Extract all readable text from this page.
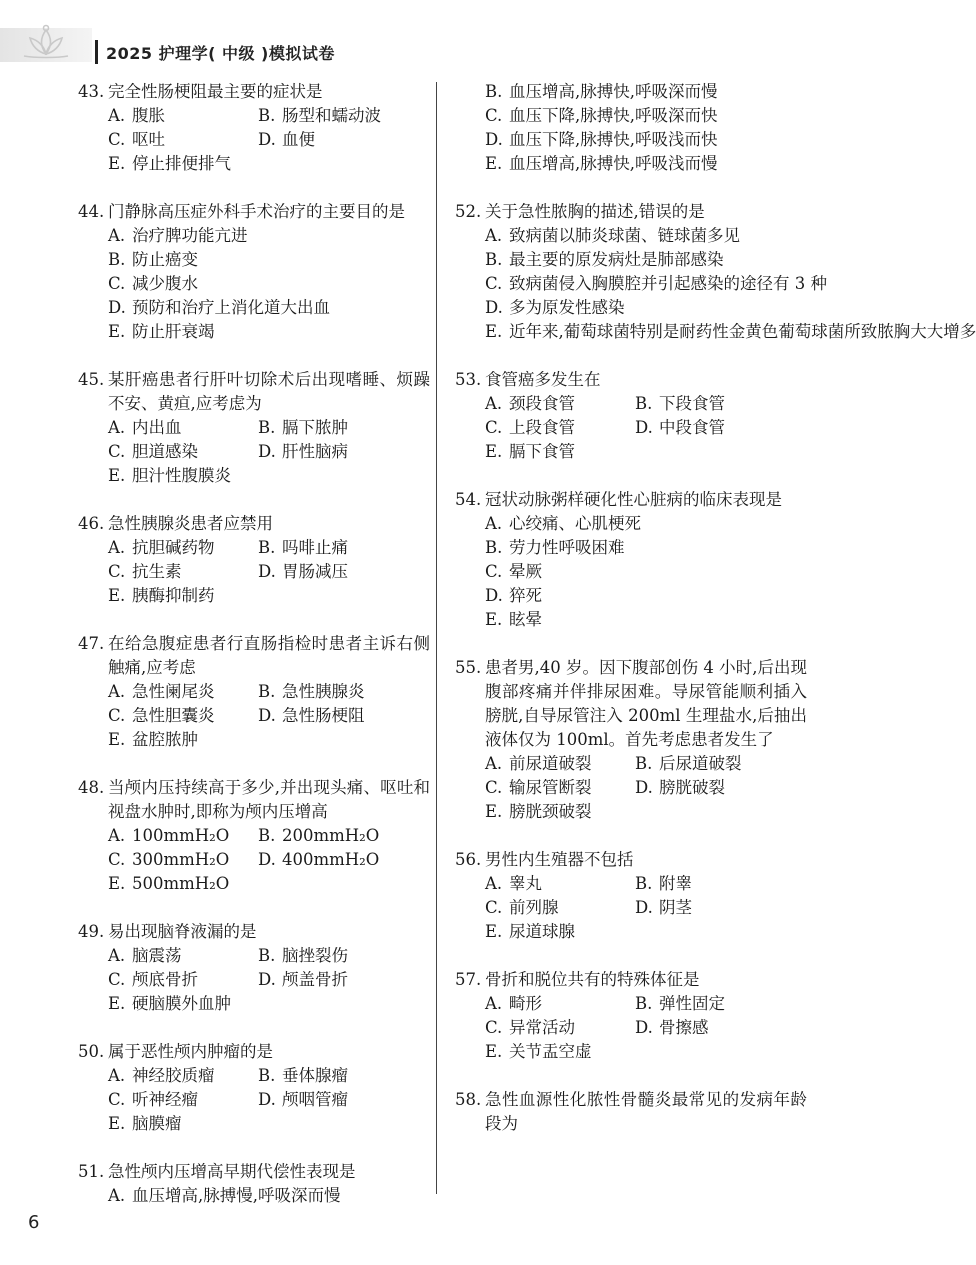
2025 护理学( 中级 )模拟试卷
43. 完全性肠梗阻最主要的症状是
A. 腹胀	B. 肠型和蠕动波
C. 呕吐	D. 血便
E. 停止排便排气
44. 门静脉高压症外科手术治疗的主要目的是
A. 治疗脾功能亢进
B. 防止癌变
C. 减少腹水
D. 预防和治疗上消化道大出血
E. 防止肝衰竭
45. 某肝癌患者行肝叶切除术后出现嗜睡、烦躁不安、黄疸,应考虑为
A. 内出血	B. 膈下脓肿
C. 胆道感染	D. 肝性脑病
E. 胆汁性腹膜炎
46. 急性胰腺炎患者应禁用
A. 抗胆碱药物	B. 吗啡止痛
C. 抗生素	D. 胃肠减压
E. 胰酶抑制药
47. 在给急腹症患者行直肠指检时患者主诉右侧触痛,应考虑
A. 急性阑尾炎	B. 急性胰腺炎
C. 急性胆囊炎	D. 急性肠梗阻
E. 盆腔脓肿
48. 当颅内压持续高于多少,并出现头痛、呕吐和视盘水肿时,即称为颅内压增高
A. 100mmH₂O	B. 200mmH₂O
C. 300mmH₂O	D. 400mmH₂O
E. 500mmH₂O
49. 易出现脑脊液漏的是
A. 脑震荡	B. 脑挫裂伤
C. 颅底骨折	D. 颅盖骨折
E. 硬脑膜外血肿
50. 属于恶性颅内肿瘤的是
A. 神经胶质瘤	B. 垂体腺瘤
C. 听神经瘤	D. 颅咽管瘤
E. 脑膜瘤
51. 急性颅内压增高早期代偿性表现是
A. 血压增高,脉搏慢,呼吸深而慢
B. 血压增高,脉搏快,呼吸深而慢
C. 血压下降,脉搏快,呼吸深而快
D. 血压下降,脉搏快,呼吸浅而快
E. 血压增高,脉搏快,呼吸浅而慢
52. 关于急性脓胸的描述,错误的是
A. 致病菌以肺炎球菌、链球菌多见
B. 最主要的原发病灶是肺部感染
C. 致病菌侵入胸膜腔并引起感染的途径有 3 种
D. 多为原发性感染
E. 近年来,葡萄球菌特别是耐药性金黄色葡萄球菌所致脓胸大大增多
53. 食管癌多发生在
A. 颈段食管	B. 下段食管
C. 上段食管	D. 中段食管
E. 膈下食管
54. 冠状动脉粥样硬化性心脏病的临床表现是
A. 心绞痛、心肌梗死
B. 劳力性呼吸困难
C. 晕厥
D. 猝死
E. 眩晕
55. 患者男,40 岁。因下腹部创伤 4 小时,后出现腹部疼痛并伴排尿困难。导尿管能顺利插入膀胱,自导尿管注入 200ml 生理盐水,后抽出液体仅为 100ml。首先考虑患者发生了
A. 前尿道破裂	B. 后尿道破裂
C. 输尿管断裂	D. 膀胱破裂
E. 膀胱颈破裂
56. 男性内生殖器不包括
A. 睾丸	B. 附睾
C. 前列腺	D. 阴茎
E. 尿道球腺
57. 骨折和脱位共有的特殊体征是
A. 畸形	B. 弹性固定
C. 异常活动	D. 骨擦感
E. 关节盂空虚
58. 急性血源性化脓性骨髓炎最常见的发病年龄段为
6
